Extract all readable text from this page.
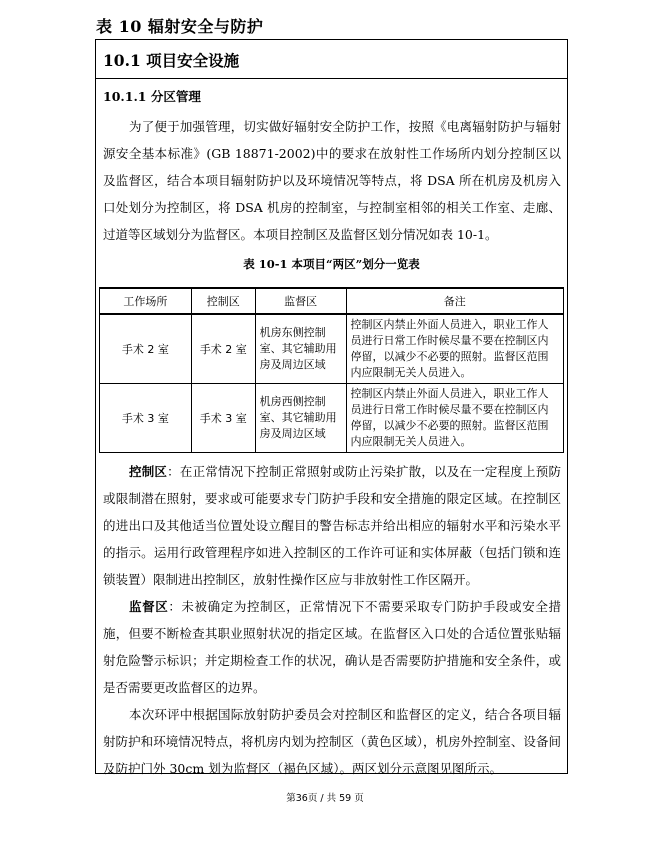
表 10 辐射安全与防护
10.1 项目安全设施
10.1.1 分区管理

为了便于加强管理，切实做好辐射安全防护工作，按照《电离辐射防护与辐射源安全基本标准》(GB 18871-2002)中的要求在放射性工作场所内划分控制区以及监督区，结合本项目辐射防护以及环境情况等特点，将 DSA 所在机房及机房入口处划分为控制区，将 DSA 机房的控制室，与控制室相邻的相关工作室、走廊、过道等区域划分为监督区。本项目控制区及监督区划分情况如表 10-1。

表 10-1 本项目“两区”划分一览表
工作场所	控制区	监督区	备注
手术 2 室	手术 2 室	机房东侧控制室、其它辅助用房及周边区域	控制区内禁止外面人员进入，职业工作人员进行日常工作时候尽量不要在控制区内停留，以减少不必要的照射。监督区范围内应限制无关人员进入。
手术 3 室	手术 3 室	机房西侧控制室、其它辅助用房及周边区域	控制区内禁止外面人员进入，职业工作人员进行日常工作时候尽量不要在控制区内停留，以减少不必要的照射。监督区范围内应限制无关人员进入。

控制区：在正常情况下控制正常照射或防止污染扩散，以及在一定程度上预防或限制潜在照射，要求或可能要求专门防护手段和安全措施的限定区域。在控制区的进出口及其他适当位置处设立醒目的警告标志并给出相应的辐射水平和污染水平的指示。运用行政管理程序如进入控制区的工作许可证和实体屏蔽（包括门锁和连锁装置）限制进出控制区，放射性操作区应与非放射性工作区隔开。

监督区：未被确定为控制区，正常情况下不需要采取专门防护手段或安全措施，但要不断检查其职业照射状况的指定区域。在监督区入口处的合适位置张贴辐射危险警示标识；并定期检查工作的状况，确认是否需要防护措施和安全条件，或是否需要更改监督区的边界。

本次环评中根据国际放射防护委员会对控制区和监督区的定义，结合各项目辐射防护和环境情况特点，将机房内划为控制区（黄色区域），机房外控制室、设备间及防护门外 30cm 划为监督区（褐色区域）。两区划分示意图见图所示。

第36页 / 共 59 页
